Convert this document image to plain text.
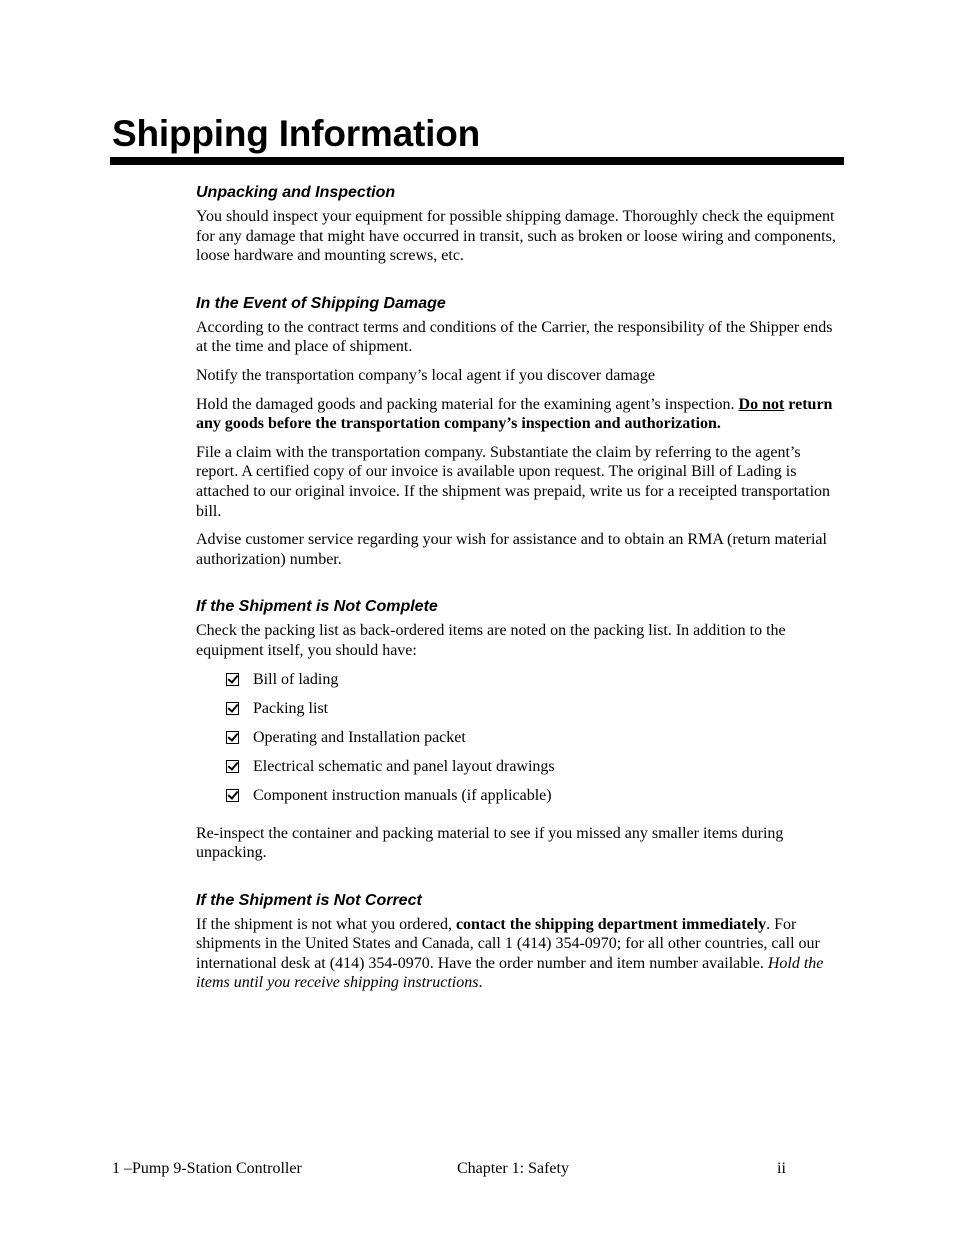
Shipping Information
Unpacking and Inspection

You should inspect your equipment for possible shipping damage. Thoroughly check the equipment for any damage that might have occurred in transit, such as broken or loose wiring and components, loose hardware and mounting screws, etc.

In the Event of Shipping Damage

According to the contract terms and conditions of the Carrier, the responsibility of the Shipper ends at the time and place of shipment.

Notify the transportation company’s local agent if you discover damage

Hold the damaged goods and packing material for the examining agent’s inspection. Do not return any goods before the transportation company’s inspection and authorization.

File a claim with the transportation company. Substantiate the claim by referring to the agent’s report. A certified copy of our invoice is available upon request. The original Bill of Lading is attached to our original invoice. If the shipment was prepaid, write us for a receipted transportation bill.

Advise customer service regarding your wish for assistance and to obtain an RMA (return material authorization) number.

If the Shipment is Not Complete

Check the packing list as back-ordered items are noted on the packing list. In addition to the equipment itself, you should have:

Bill of lading
Packing list
Operating and Installation packet
Electrical schematic and panel layout drawings
Component instruction manuals (if applicable)

Re-inspect the container and packing material to see if you missed any smaller items during unpacking.

If the Shipment is Not Correct

If the shipment is not what you ordered, contact the shipping department immediately. For shipments in the United States and Canada, call 1 (414) 354-0970; for all other countries, call our international desk at (414) 354-0970. Have the order number and item number available. Hold the items until you receive shipping instructions.

1 –Pump 9-Station Controller	Chapter 1: Safety	ii
